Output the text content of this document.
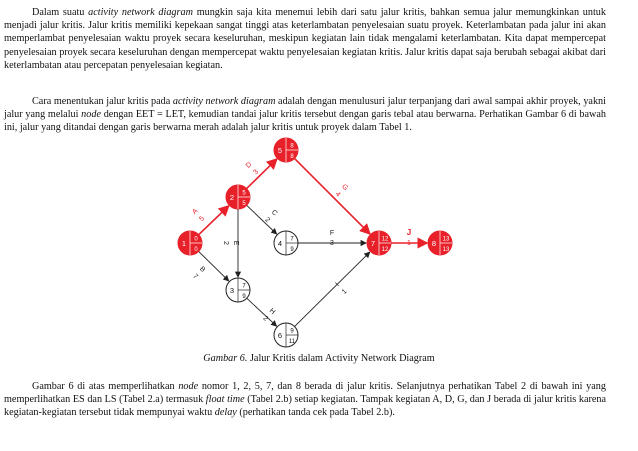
Dalam suatu activity network diagram mungkin saja kita menemui lebih dari satu jalur kritis, bahkan semua jalur memungkinkan untuk menjadi jalur kritis. Jalur kritis memiliki kepekaan sangat tinggi atas keterlambatan penyelesaian suatu proyek. Keterlambatan pada jalur ini akan memperlambat penyelesaian waktu proyek secara keseluruhan, meskipun kegiatan lain tidak mengalami keterlambatan. Kita dapat mempercepat penyelesaian proyek secara keseluruhan dengan mempercepat waktu penyelesaian kegiatan kritis. Jalur kritis dapat saja berubah sebagai akibat dari keterlambatan atau percepatan penyelesaian kegiatan.

Cara menentukan jalur kritis pada activity network diagram adalah dengan menulusuri jalur terpanjang dari awal sampai akhir proyek, yakni jalur yang melalui node dengan EET = LET, kemudian tandai jalur kritis tersebut dengan garis tebal atau berwarna. Perhatikan Gambar 6 di bawah ini, jalur yang ditandai dengan garis berwarna merah adalah jalur kritis untuk proyek dalam Tabel 1.

1 0
0
2 5
5
3 7
9
4 7
9
5 8
8
6 9
11
7 12
12
8 13
13
A
5
B
7
C
2
D
3
E
2
F
3
G
4
H
2
I
1
J
1

Gambar 6. Jalur Kritis dalam Activity Network Diagram

Gambar 6 di atas memperlihatkan node nomor 1, 2, 5, 7, dan 8 berada di jalur kritis. Selanjutnya perhatikan Tabel 2 di bawah ini yang memperlihatkan ES dan LS (Tabel 2.a) termasuk float time (Tabel 2.b) setiap kegiatan. Tampak kegiatan A, D, G, dan J berada di jalur kritis karena kegiatan-kegiatan tersebut tidak mempunyai waktu delay (perhatikan tanda cek pada Tabel 2.b).
